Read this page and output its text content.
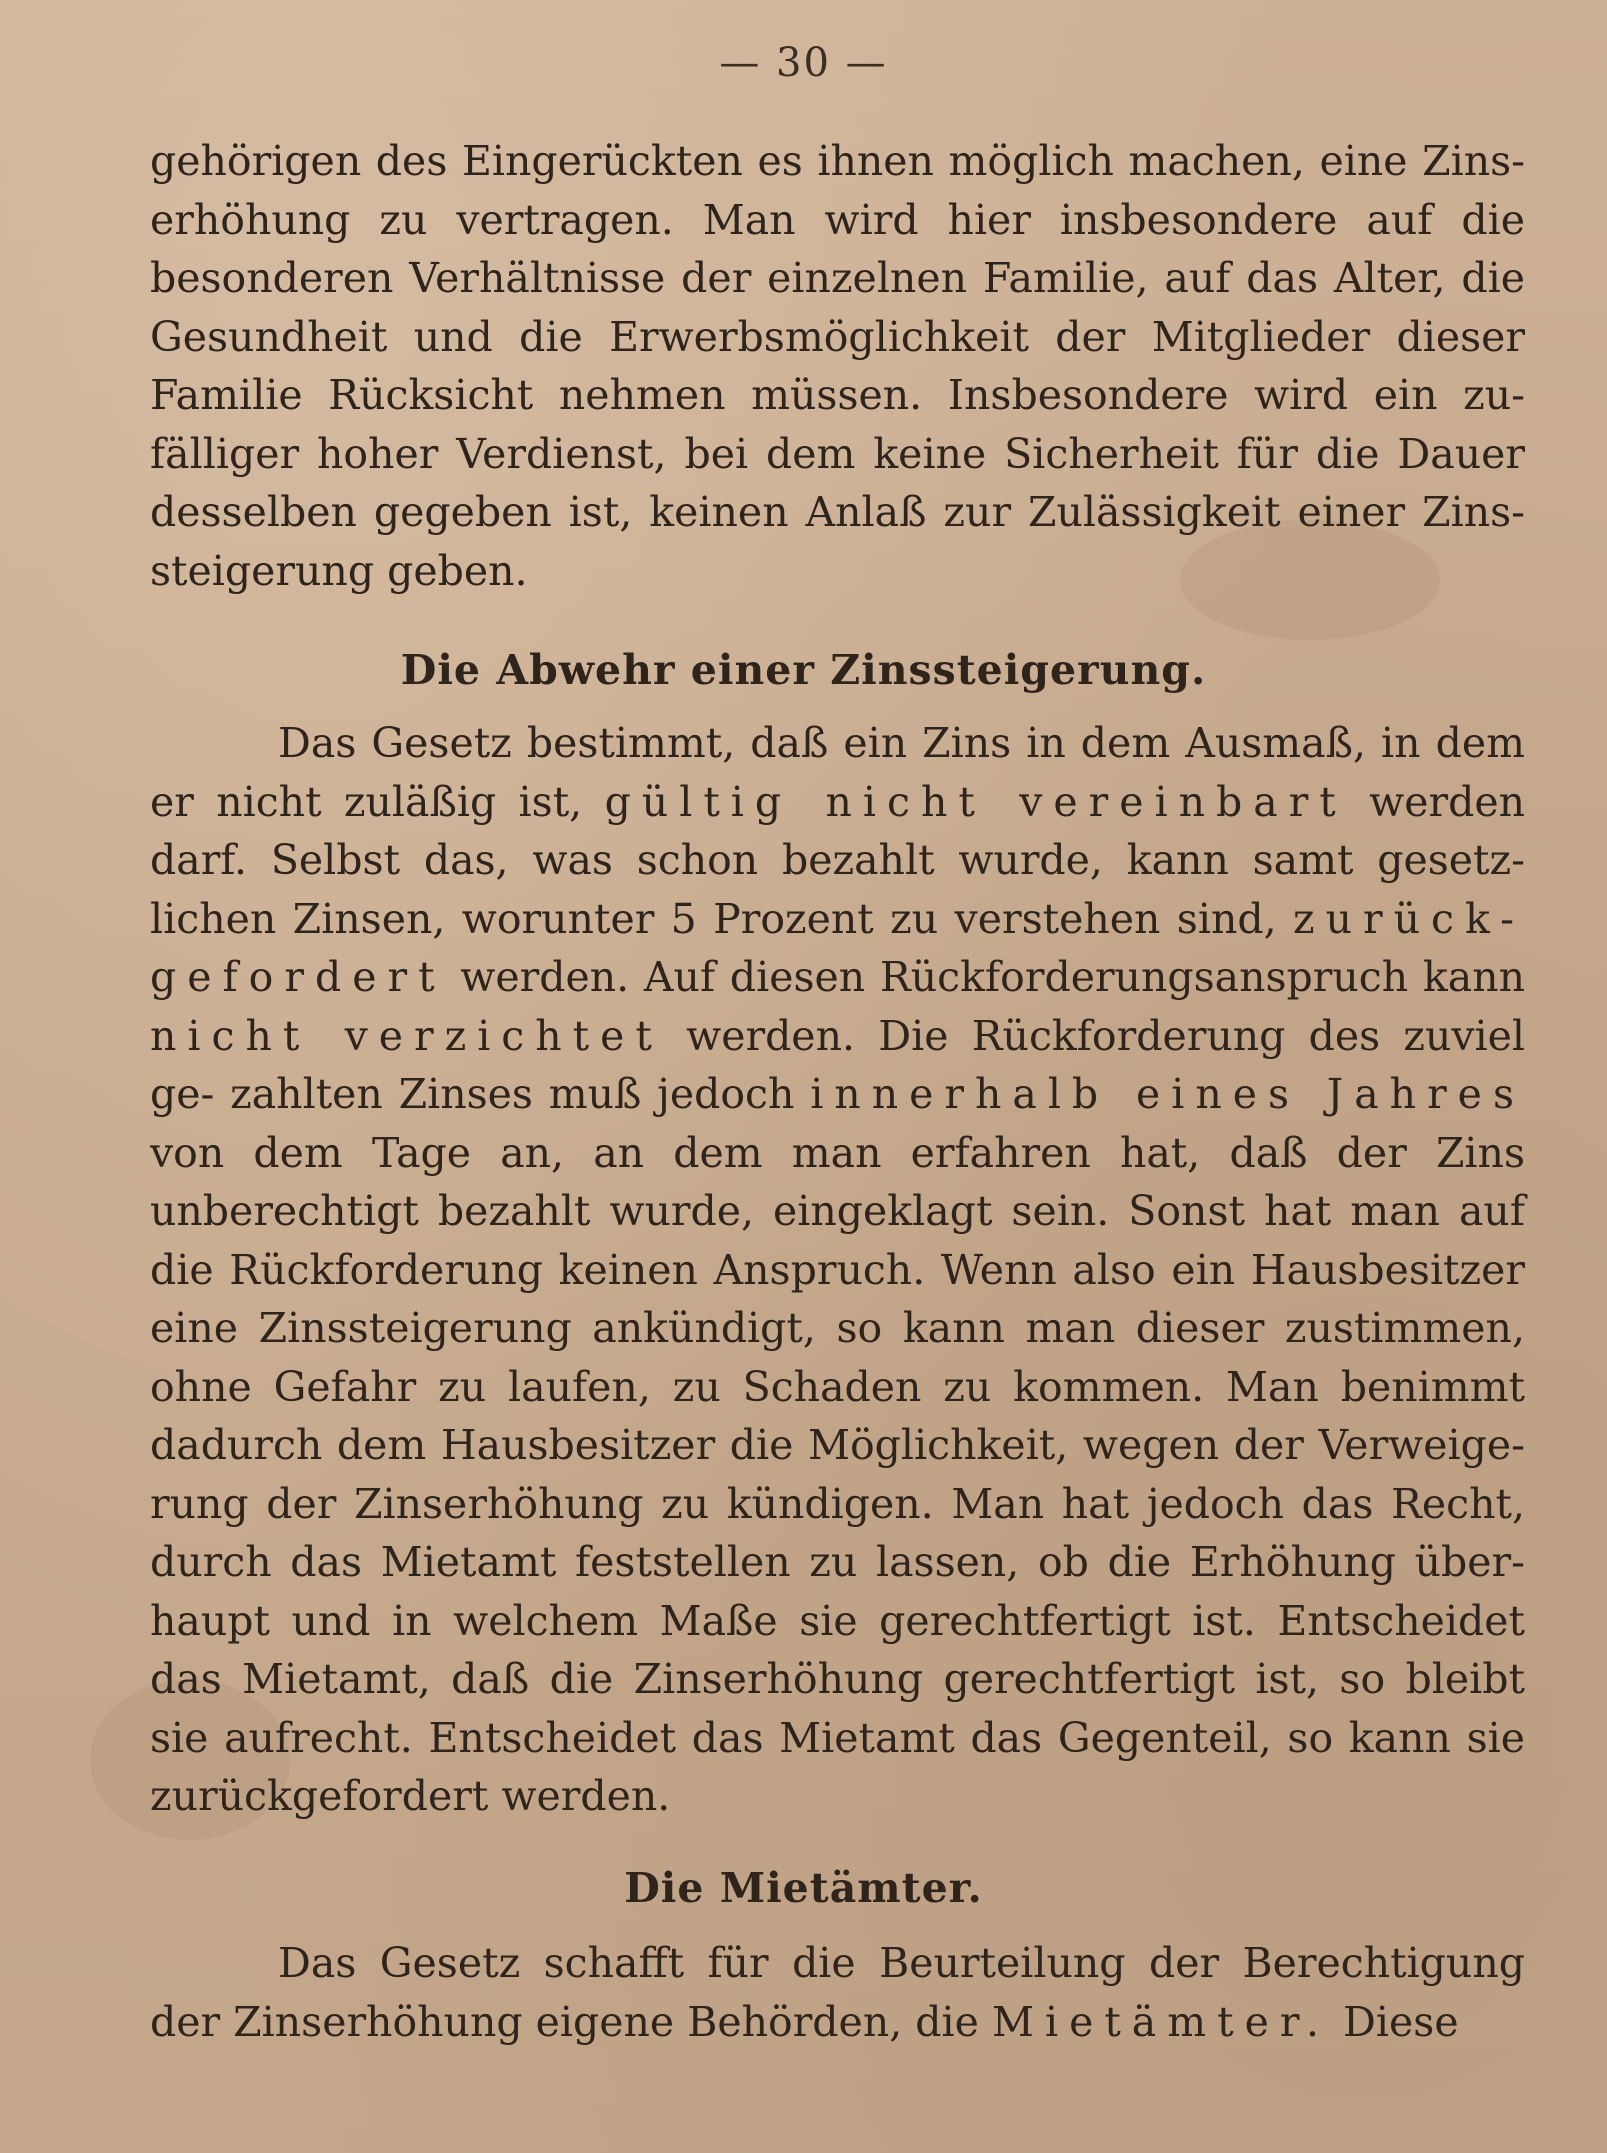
— 30 —

gehörigen des Eingerückten es ihnen möglich machen, eine Zins- erhöhung zu vertragen. Man wird hier insbesondere auf die besonderen Verhältnisse der einzelnen Familie, auf das Alter, die Gesundheit und die Erwerbsmöglichkeit der Mitglieder dieser Familie Rücksicht nehmen müssen. Insbesondere wird ein zu- fälliger hoher Verdienst, bei dem keine Sicherheit für die Dauer desselben gegeben ist, keinen Anlaß zur Zulässigkeit einer Zins- steigerung geben.

Die Abwehr einer Zinssteigerung.

Das Gesetz bestimmt, daß ein Zins in dem Ausmaß, in dem er nicht zuläßig ist, gültig nicht vereinbart werden darf. Selbst das, was schon bezahlt wurde, kann samt gesetz- lichen Zinsen, worunter 5 Prozent zu verstehen sind, zurück- gefordert werden. Auf diesen Rückforderungsanspruch kann nicht verzichtet werden. Die Rückforderung des zuviel ge- zahlten Zinses muß jedoch innerhalb eines Jahres von dem Tage an, an dem man erfahren hat, daß der Zins unberechtigt bezahlt wurde, eingeklagt sein. Sonst hat man auf die Rückforderung keinen Anspruch. Wenn also ein Hausbesitzer eine Zinssteigerung ankündigt, so kann man dieser zustimmen, ohne Gefahr zu laufen, zu Schaden zu kommen. Man benimmt dadurch dem Hausbesitzer die Möglichkeit, wegen der Verweige- rung der Zinserhöhung zu kündigen. Man hat jedoch das Recht, durch das Mietamt feststellen zu lassen, ob die Erhöhung über- haupt und in welchem Maße sie gerechtfertigt ist. Entscheidet das Mietamt, daß die Zinserhöhung gerechtfertigt ist, so bleibt sie aufrecht. Entscheidet das Mietamt das Gegenteil, so kann sie zurückgefordert werden.

Die Mietämter.

Das Gesetz schafft für die Beurteilung der Berechtigung der Zinserhöhung eigene Behörden, die Mietämter. Diese
